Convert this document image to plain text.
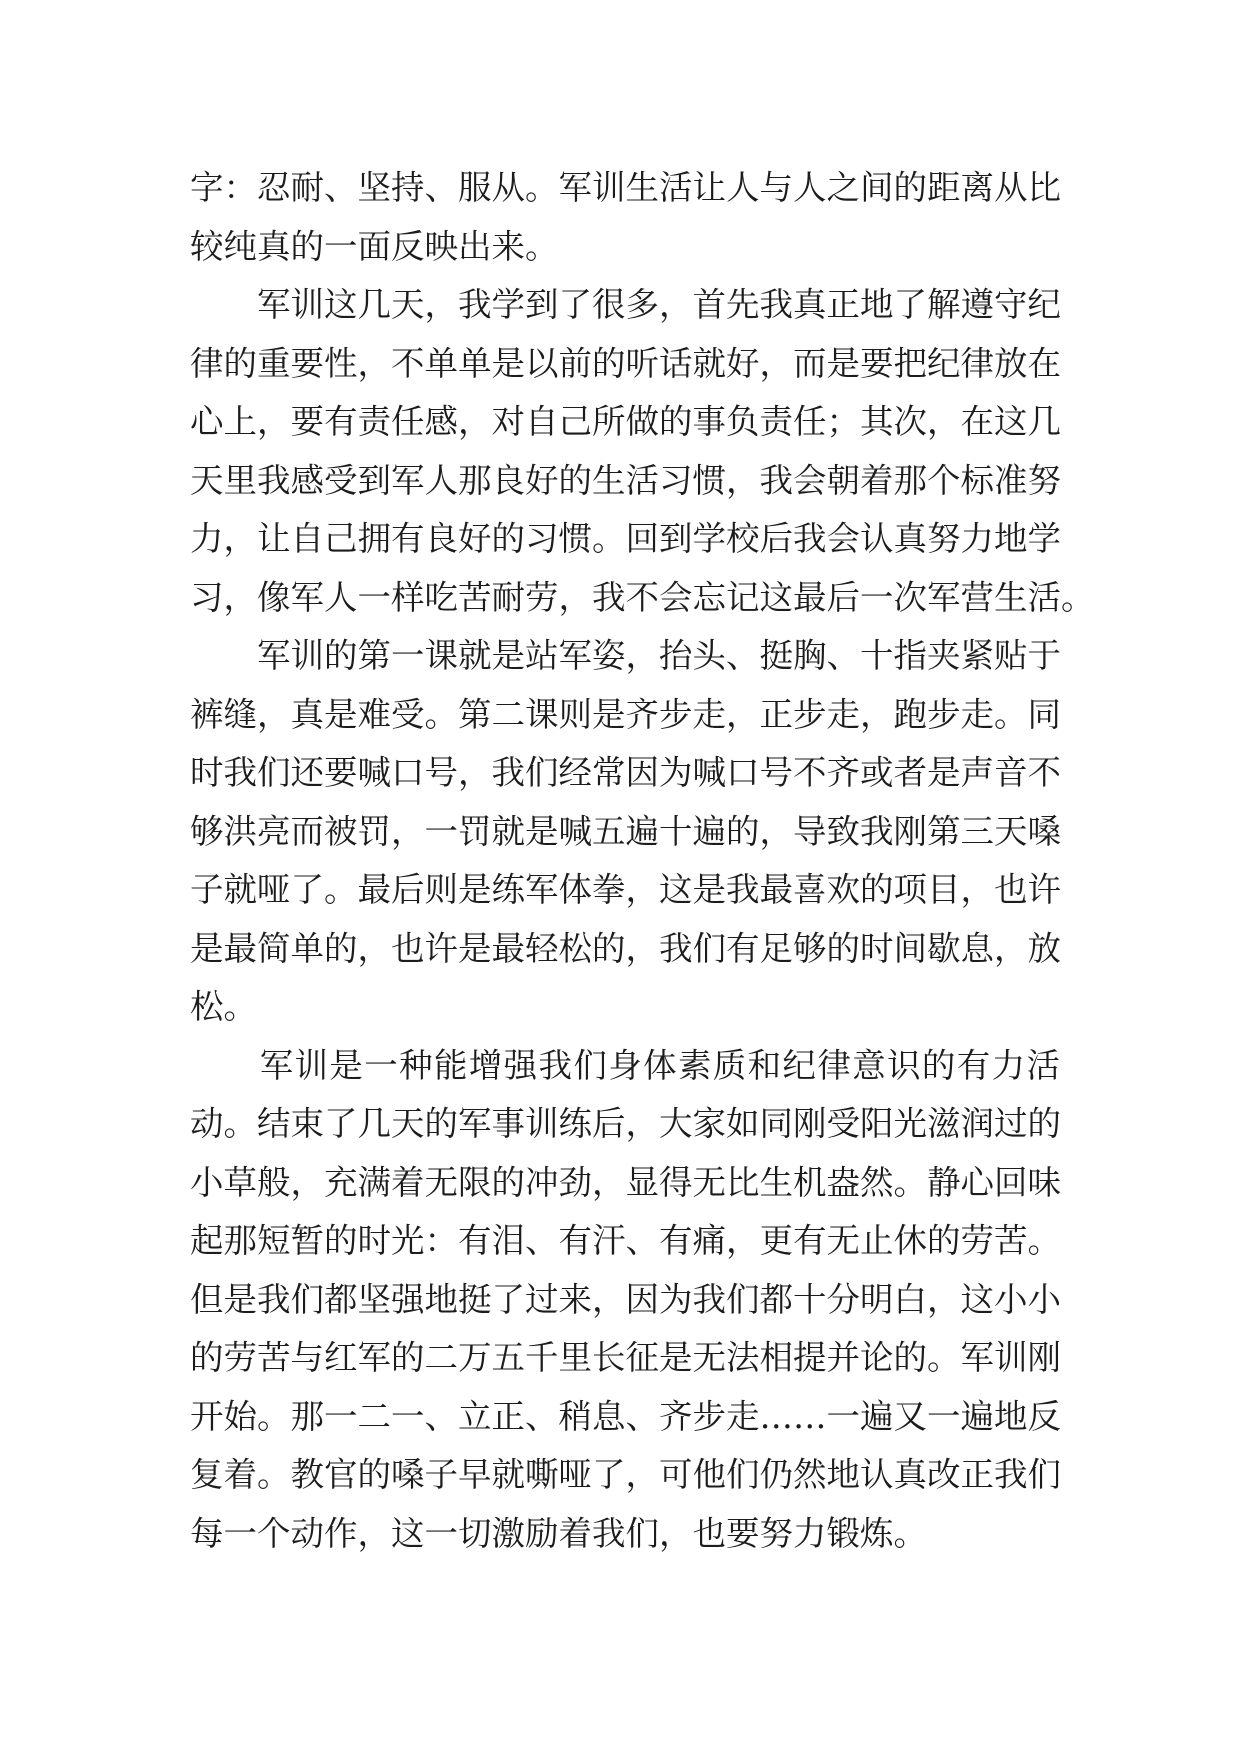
字：忍耐、坚持、服从。军训生活让人与人之间的距离从比
较纯真的一面反映出来。
　　军训这几天，我学到了很多，首先我真正地了解遵守纪
律的重要性，不单单是以前的听话就好，而是要把纪律放在
心上，要有责任感，对自己所做的事负责任；其次，在这几
天里我感受到军人那良好的生活习惯，我会朝着那个标准努
力，让自己拥有良好的习惯。回到学校后我会认真努力地学
习，像军人一样吃苦耐劳，我不会忘记这最后一次军营生活。
　　军训的第一课就是站军姿，抬头、挺胸、十指夹紧贴于
裤缝，真是难受。第二课则是齐步走，正步走，跑步走。同
时我们还要喊口号，我们经常因为喊口号不齐或者是声音不
够洪亮而被罚，一罚就是喊五遍十遍的，导致我刚第三天嗓
子就哑了。最后则是练军体拳，这是我最喜欢的项目，也许
是最简单的，也许是最轻松的，我们有足够的时间歇息，放
松。
　　军训是一种能增强我们身体素质和纪律意识的有力活
动。结束了几天的军事训练后，大家如同刚受阳光滋润过的
小草般，充满着无限的冲劲，显得无比生机盎然。静心回味
起那短暂的时光：有泪、有汗、有痛，更有无止休的劳苦。
但是我们都坚强地挺了过来，因为我们都十分明白，这小小
的劳苦与红军的二万五千里长征是无法相提并论的。军训刚
开始。那一二一、立正、稍息、齐步走……一遍又一遍地反
复着。教官的嗓子早就嘶哑了，可他们仍然地认真改正我们
每一个动作，这一切激励着我们，也要努力锻炼。
